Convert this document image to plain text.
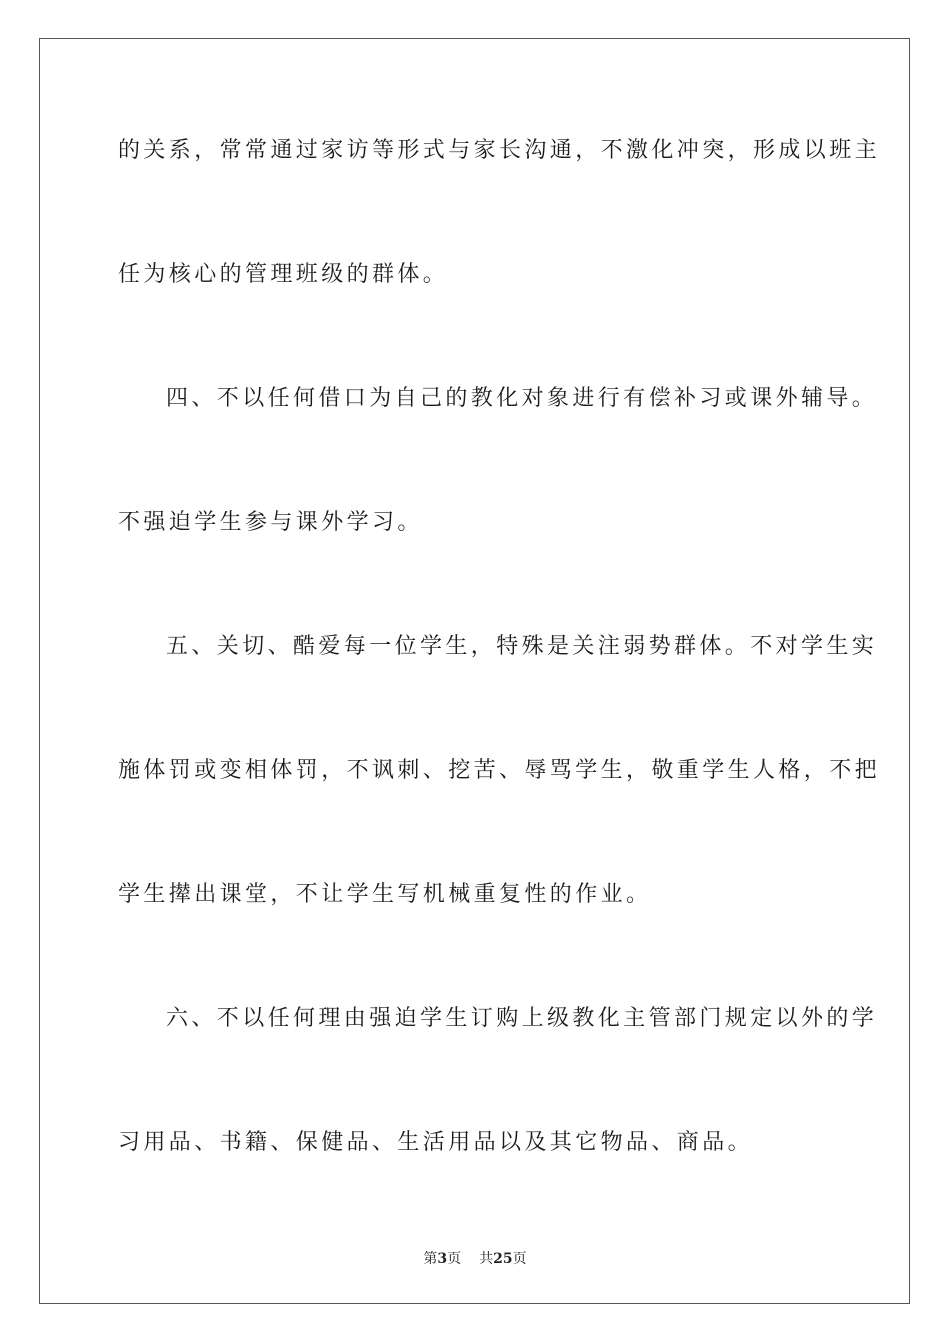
的关系，常常通过家访等形式与家长沟通，不激化冲突，形成以班主
任为核心的管理班级的群体。
四、不以任何借口为自己的教化对象进行有偿补习或课外辅导。
不强迫学生参与课外学习。
五、关切、酷爱每一位学生，特殊是关注弱势群体。不对学生实
施体罚或变相体罚，不讽刺、挖苦、辱骂学生，敬重学生人格，不把
学生撵出课堂，不让学生写机械重复性的作业。
六、不以任何理由强迫学生订购上级教化主管部门规定以外的学
习用品、书籍、保健品、生活用品以及其它物品、商品。
第3页 共25页
